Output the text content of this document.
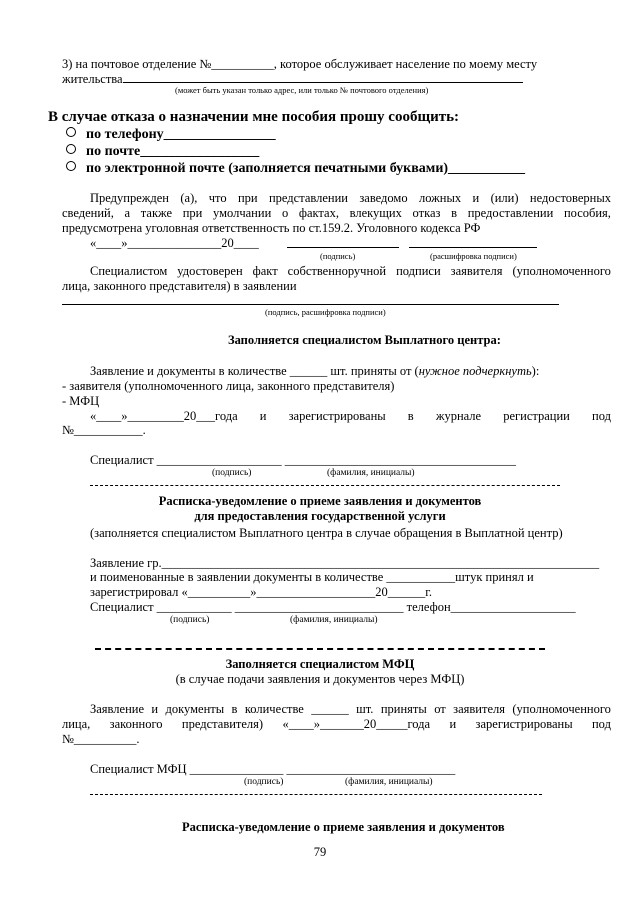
3) на почтовое отделение №__________, которое обслуживает население по моему месту
жительства
(может быть указан только адрес, или только № почтового отделения)
В случае отказа о назначении мне пособия прошу сообщить:
по телефону________________
по почте_________________
по электронной почте (заполняется печатными буквами)___________
Предупрежден (а), что при представлении заведомо ложных и (или) недостоверных
сведений, а также при умолчании о фактах, влекущих отказ в предоставлении пособия,
предусмотрена уголовная ответственность по ст.159.2. Уголовного кодекса РФ
«____»_______________20____
(подпись)	(расшифровка подписи)
Специалистом удостоверен факт собственноручной подписи заявителя (уполномоченного
лица, законного представителя) в заявлении
(подпись, расшифровка подписи)
Заполняется специалистом Выплатного центра:
Заявление и документы в количестве ______ шт. приняты от (нужное подчеркнуть):
- заявителя (уполномоченного лица, законного представителя)
- МФЦ
«____»_________20___года и зарегистрированы в журнале регистрации под
№___________.
Специалист ____________________ _____________________________________
(подпись)	(фамилия, инициалы)
Расписка-уведомление о приеме заявления и документов
для предоставления государственной услуги
(заполняется специалистом Выплатного центра в случае обращения в Выплатной центр)
Заявление гр.______________________________________________________________________
и поименованные в заявлении документы в количестве ___________штук принял и
зарегистрировал «__________»___________________20______г.
Специалист ____________ ___________________________ телефон____________________
(подпись)	(фамилия, инициалы)
Заполняется специалистом МФЦ
(в случае подачи заявления и документов через МФЦ)
Заявление и документы в количестве ______ шт. приняты от заявителя (уполномоченного
лица, законного представителя) «____»_______20_____года и зарегистрированы под
№__________.
Специалист МФЦ _______________ ___________________________
(подпись)	(фамилия, инициалы)
Расписка-уведомление о приеме заявления и документов
79
